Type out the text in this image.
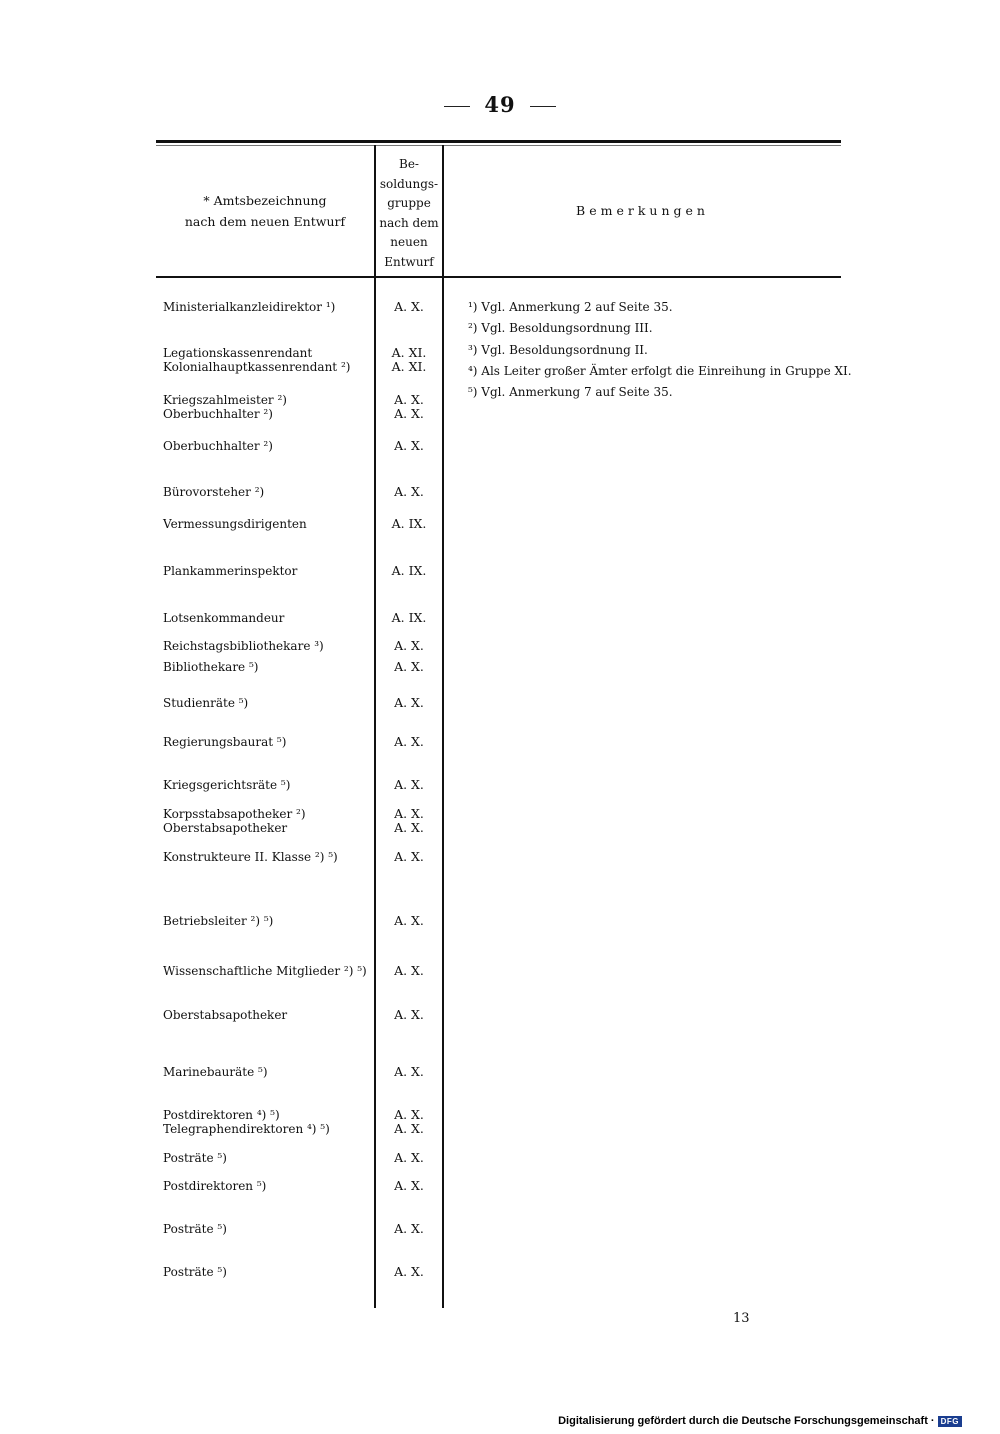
49
* Amtsbezeichnung
nach dem neuen Entwurf
Be-
soldungs-
gruppe
nach dem
neuen
Entwurf
Bemerkungen
Ministerialkanzleidirektor ¹)	A. X.
Legationskassenrendant	A. XI.
Kolonialhauptkassenrendant ²)	A. XI.
Kriegszahlmeister ²)	A. X.
Oberbuchhalter ²)	A. X.
Oberbuchhalter ²)	A. X.
Bürovorsteher ²)	A. X.
Vermessungsdirigenten	A. IX.
Plankammerinspektor	A. IX.
Lotsenkommandeur	A. IX.
Reichstagsbibliothekare ³)	A. X.
Bibliothekare ⁵)	A. X.
Studienräte ⁵)	A. X.
Regierungsbaurat ⁵)	A. X.
Kriegsgerichtsräte ⁵)	A. X.
Korpsstabsapotheker ²)	A. X.
Oberstabsapotheker	A. X.
Konstrukteure II. Klasse ²) ⁵)	A. X.
Betriebsleiter ²) ⁵)	A. X.
Wissenschaftliche Mitglieder ²) ⁵)	A. X.
Oberstabsapotheker	A. X.
Marinebauräte ⁵)	A. X.
Postdirektoren ⁴) ⁵)	A. X.
Telegraphendirektoren ⁴) ⁵)	A. X.
Posträte ⁵)	A. X.
Postdirektoren ⁵)	A. X.
Posträte ⁵)	A. X.
Posträte ⁵)	A. X.
¹) Vgl. Anmerkung 2 auf Seite 35.
²) Vgl. Besoldungsordnung III.
³) Vgl. Besoldungsordnung II.
⁴) Als Leiter großer Ämter erfolgt die Einreihung in Gruppe XI.
⁵) Vgl. Anmerkung 7 auf Seite 35.
13
Digitalisierung gefördert durch die Deutsche Forschungsgemeinschaft · DFG
